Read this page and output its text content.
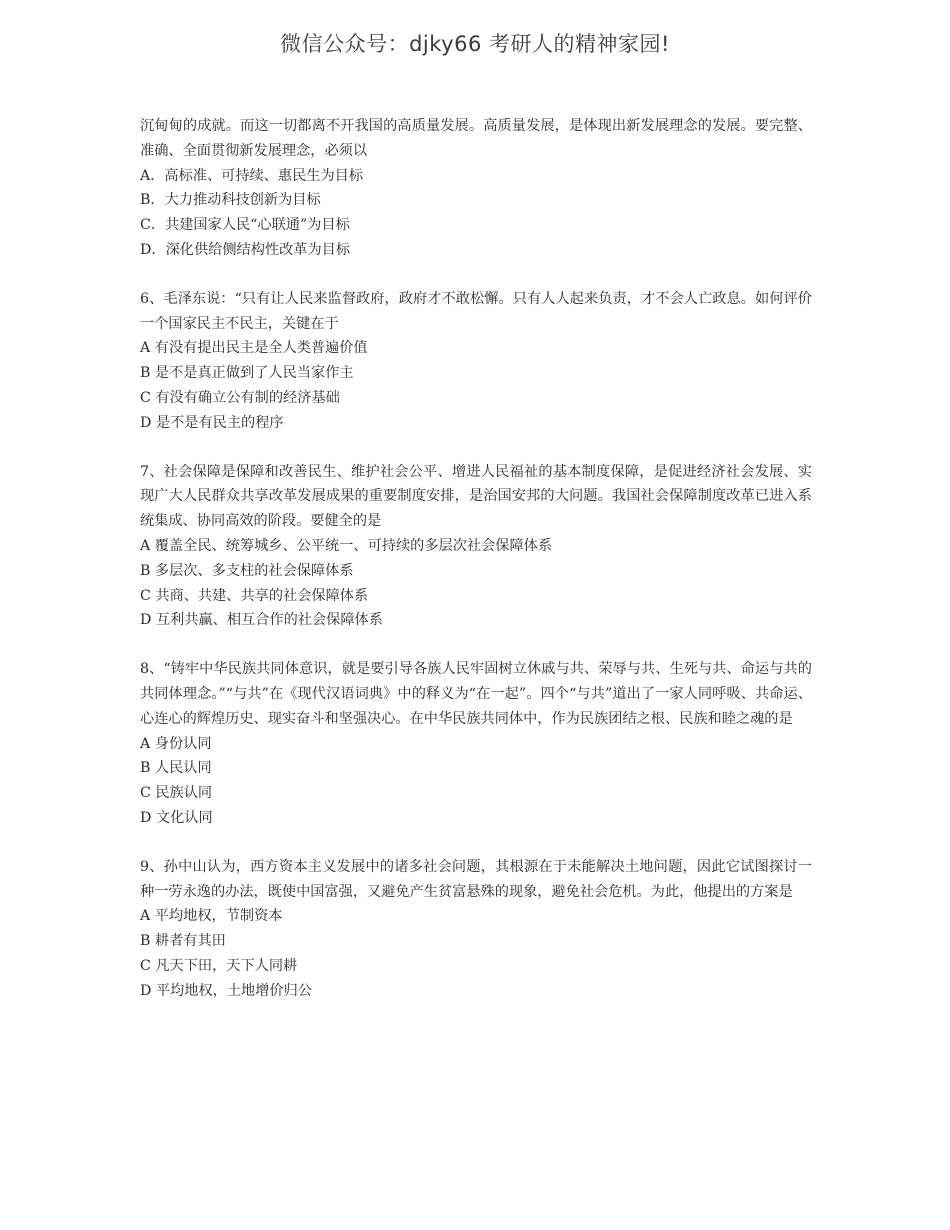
微信公众号：djky66 考研人的精神家园!

沉甸甸的成就。而这一切都离不开我国的高质量发展。高质量发展，是体现出新发展理念的发展。要完整、准确、全面贯彻新发展理念，必须以

A．高标准、可持续、惠民生为目标
B．大力推动科技创新为目标
C．共建国家人民“心联通”为目标
D．深化供给侧结构性改革为目标

6、毛泽东说：“只有让人民来监督政府，政府才不敢松懈。只有人人起来负责，才不会人亡政息。如何评价一个国家民主不民主，关键在于

A 有没有提出民主是全人类普遍价值
B 是不是真正做到了人民当家作主
C 有没有确立公有制的经济基础
D 是不是有民主的程序

7、社会保障是保障和改善民生、维护社会公平、增进人民福祉的基本制度保障，是促进经济社会发展、实现广大人民群众共享改革发展成果的重要制度安排，是治国安邦的大问题。我国社会保障制度改革已进入系统集成、协同高效的阶段。要健全的是

A 覆盖全民、统筹城乡、公平统一、可持续的多层次社会保障体系
B 多层次、多支柱的社会保障体系
C 共商、共建、共享的社会保障体系
D 互利共赢、相互合作的社会保障体系

8、“铸牢中华民族共同体意识，就是要引导各族人民牢固树立休戚与共、荣辱与共、生死与共、命运与共的共同体理念。”“与共”在《现代汉语词典》中的释义为“在一起”。四个“与共”道出了一家人同呼吸、共命运、心连心的辉煌历史、现实奋斗和坚强决心。在中华民族共同体中，作为民族团结之根、民族和睦之魂的是

A 身份认同
B 人民认同
C 民族认同
D 文化认同

9、孙中山认为，西方资本主义发展中的诸多社会问题，其根源在于未能解决土地问题，因此它试图探讨一种一劳永逸的办法，既使中国富强，又避免产生贫富悬殊的现象，避免社会危机。为此，他提出的方案是

A 平均地权，节制资本
B 耕者有其田
C 凡天下田，天下人同耕
D 平均地权，土地增价归公
